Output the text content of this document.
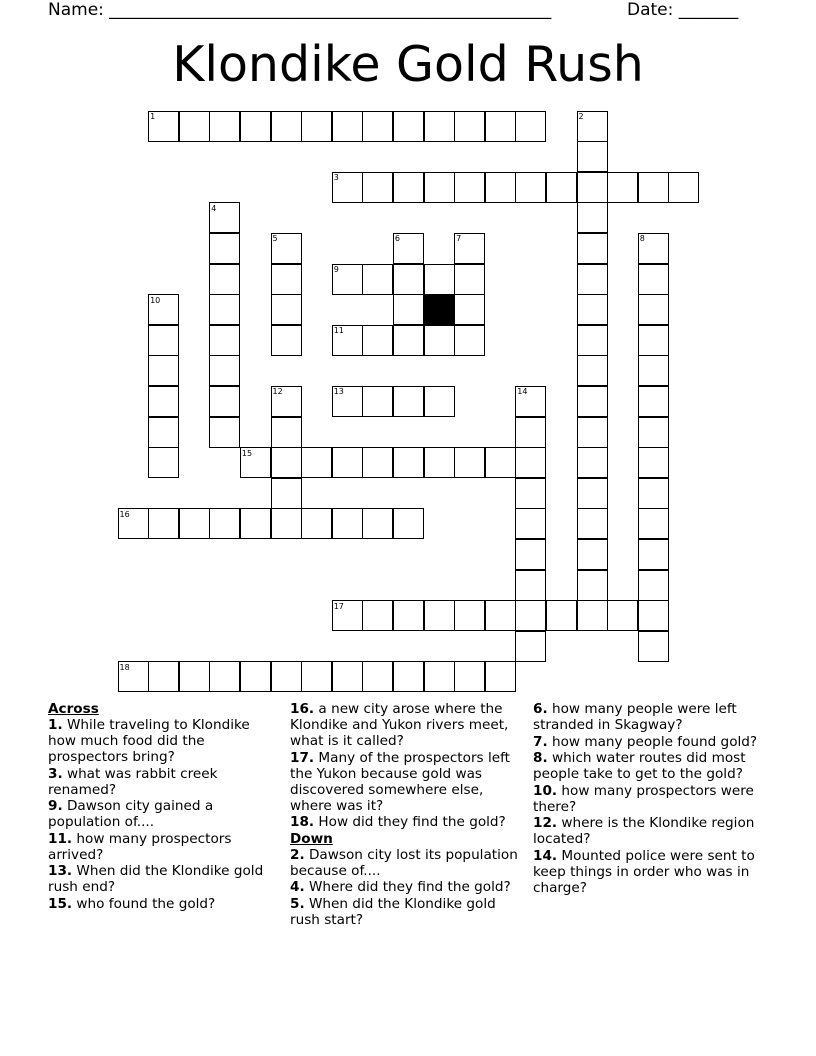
Name: ____________________________________________________	Date: _______
Klondike Gold Rush
1	2
3
4
5	6	7	8
9
10
11
12	13	14
15
16
17
18
Across
1. While traveling to Klondike how much food did the prospectors bring?
3. what was rabbit creek renamed?
9. Dawson city gained a population of....
11. how many prospectors arrived?
13. When did the Klondike gold rush end?
15. who found the gold?
16. a new city arose where the Klondike and Yukon rivers meet, what is it called?
17. Many of the prospectors left the Yukon because gold was discovered somewhere else, where was it?
18. How did they find the gold?
Down
2. Dawson city lost its population because of....
4. Where did they find the gold?
5. When did the Klondike gold rush start?
6. how many people were left stranded in Skagway?
7. how many people found gold?
8. which water routes did most people take to get to the gold?
10. how many prospectors were there?
12. where is the Klondike region located?
14. Mounted police were sent to keep things in order who was in charge?
